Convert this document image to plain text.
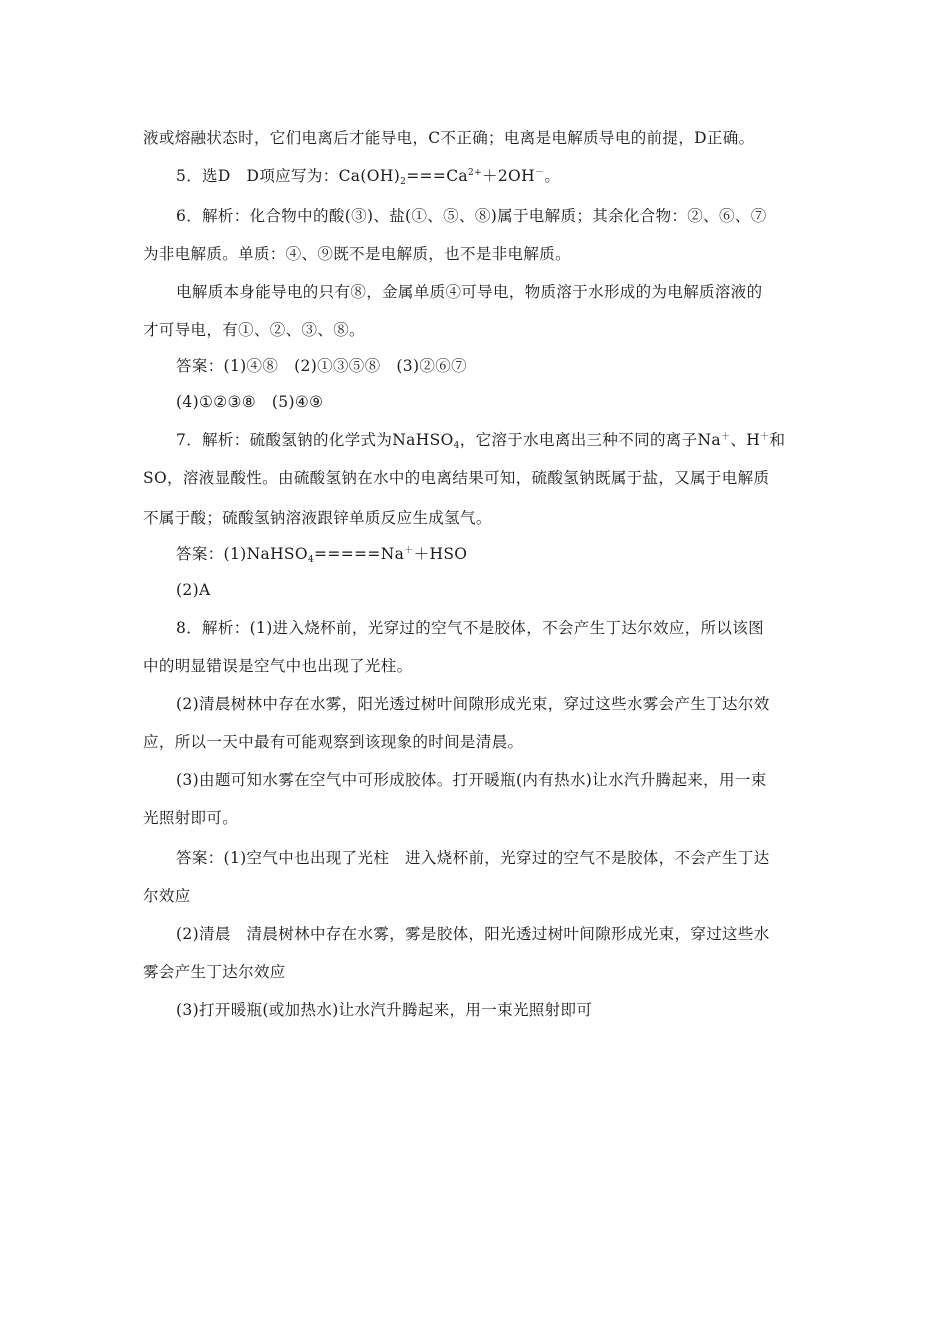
液或熔融状态时，它们电离后才能导电，C不正确；电离是电解质导电的前提，D正确。
5．选D　D项应写为：$Ca(OH)_2===Ca^{2+}+2OH^-$。
6．解析：化合物中的酸(③)、盐(①、⑤、⑧)属于电解质；其余化合物：②、⑥、⑦
为非电解质。单质：④、⑨既不是电解质，也不是非电解质。
电解质本身能导电的只有⑧，金属单质④可导电，物质溶于水形成的为电解质溶液的
才可导电，有①、②、③、⑧。
答案：(1)④⑧　(2)①③⑤⑧　(3)②⑥⑦
(4)①②③⑧　(5)④⑨
7．解析：硫酸氢钠的化学式为NaHSO$_4$，它溶于水电离出三种不同的离子Na＋、H＋和
SO，溶液显酸性。由硫酸氢钠在水中的电离结果可知，硫酸氢钠既属于盐，又属于电解质
不属于酸；硫酸氢钠溶液跟锌单质反应生成氢气。
答案：(1)NaHSO$_4$=====Na＋＋HSO
(2)A
8．解析：(1)进入烧杯前，光穿过的空气不是胶体，不会产生丁达尔效应，所以该图
中的明显错误是空气中也出现了光柱。
(2)清晨树林中存在水雾，阳光透过树叶间隙形成光束，穿过这些水雾会产生丁达尔效
应，所以一天中最有可能观察到该现象的时间是清晨。
(3)由题可知水雾在空气中可形成胶体。打开暖瓶(内有热水)让水汽升腾起来，用一束
光照射即可。
答案：(1)空气中也出现了光柱　进入烧杯前，光穿过的空气不是胶体，不会产生丁达
尔效应
(2)清晨　清晨树林中存在水雾，雾是胶体，阳光透过树叶间隙形成光束，穿过这些水
雾会产生丁达尔效应
(3)打开暖瓶(或加热水)让水汽升腾起来，用一束光照射即可
